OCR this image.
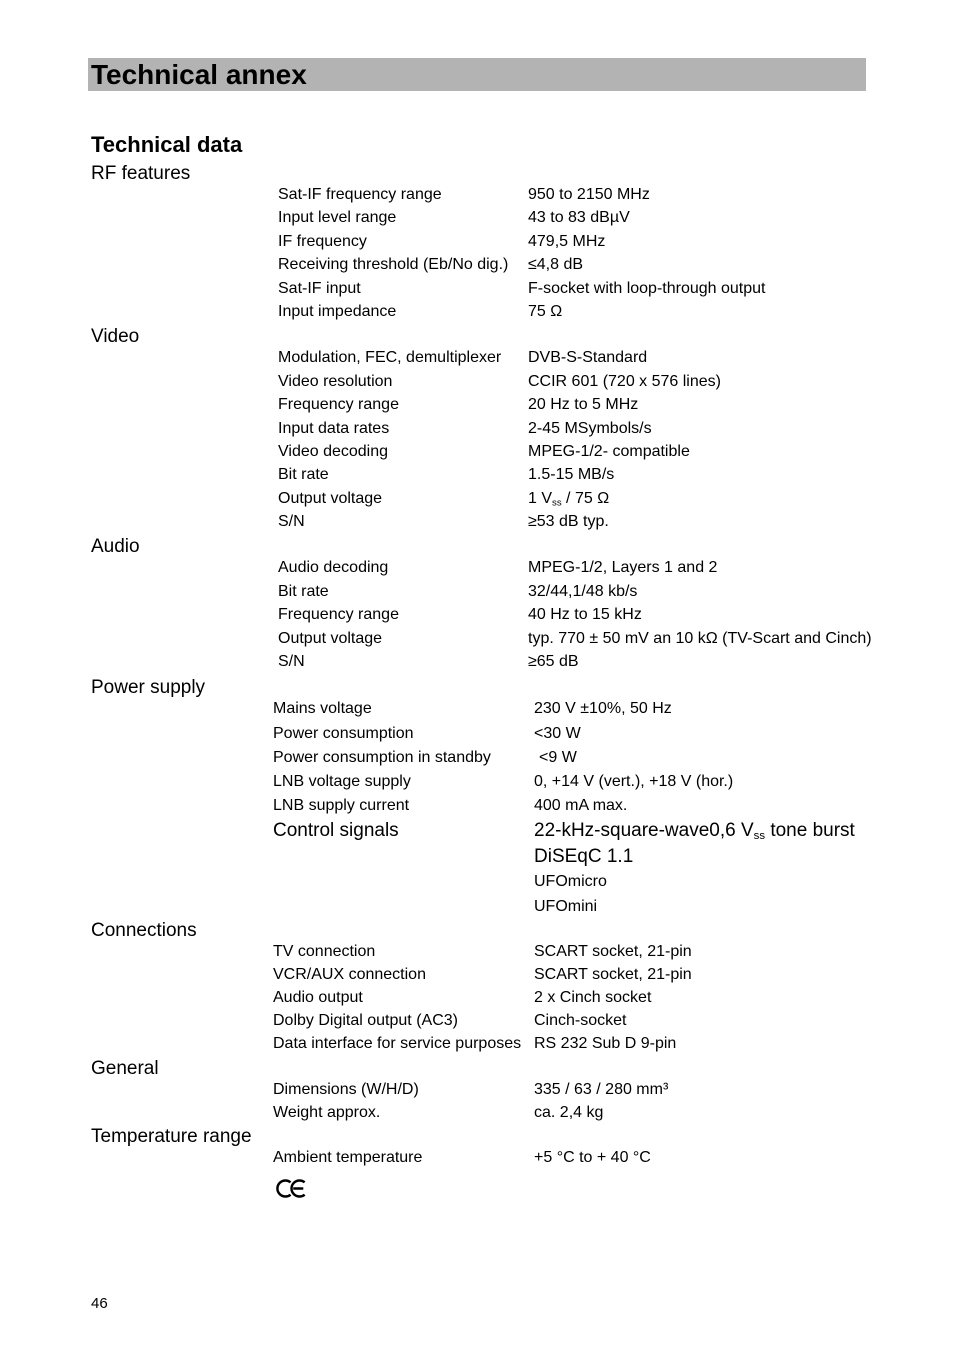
Technical annex
Technical data
RF features
Sat-IF frequency range	950 to 2150 MHz
Input level range	43 to 83 dBµV
IF frequency	479,5 MHz
Receiving threshold (Eb/No dig.) ≤4,8 dB
Sat-IF input	F-socket with loop-through output
Input impedance	75 Ω
Video
Modulation, FEC, demultiplexer DVB-S-Standard
Video resolution	CCIR 601 (720 x 576 lines)
Frequency range	20 Hz to 5 MHz
Input data rates	2-45 MSymbols/s
Video decoding	MPEG-1/2- compatible
Bit rate	1.5-15 MB/s
Output voltage	1 $V_{ss} / 75$ Ω
S/N	≥53 dB typ.
Audio
Audio decoding	MPEG-1/2, Layers 1 and 2
Bit rate	32/44,1/48 kb/s
Frequency range	40 Hz to 15 kHz
Output voltage	typ. 770 ± 50 mV an 10 kΩ (TV-Scart and Cinch)
S/N	≥65 dB
Power supply
Mains voltage	230 V ±10%, 50 Hz
Power consumption	<30 W
Power consumption in standby	<9 W
LNB voltage supply	0, +14 V (vert.), +18 V (hor.)
LNB supply current	400 mA max.
Control signals	22-kHz-square-wave0,6 $V_{ss}$ tone burst
DiSEqC 1.1
UFOmicro
UFOmini
Connections
TV connection	SCART socket, 21-pin
VCR/AUX connection	SCART socket, 21-pin
Audio output	2 x Cinch socket
Dolby Digital output (AC3)	Cinch-socket
Data interface for service purposes RS 232 Sub D 9-pin
General
Dimensions (W/H/D)	335 / 63 / 280 mm³
Weight approx.	ca. 2,4 kg
Temperature range
Ambient temperature	+5 °C to + 40 °C
46
